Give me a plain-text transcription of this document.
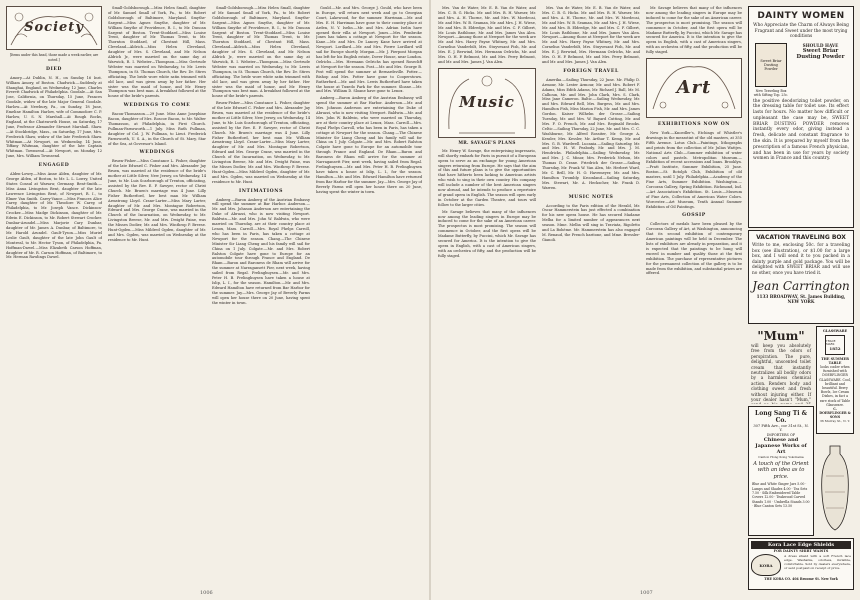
Society

[Items under this head, those made a week earlier, are noted.]

DIED

Amory.—At Dublin, N. H., on Sunday 16 Inst. William Amory, of Boston. Chadwick.—Suddenly at Shanghai, England, on Wednesday, 12 June, Charles Everett Chadwick of Philadelphia. Goodale.—At San Jose, California, on Thursday, 15 June, Frances Goodale, widow of the late Major General Goodale. Harlow.—At Newbury, Pa., on Sunday, 18 June, Emeline Hamilton Harlow, wife of Commodore C. P. Harlow, U. S. N. Marshall.—At Rough Rocks, England, at the Chatsworth House, on Saturday, 17 June, Professor Alexander Stewart Marshall. Shaw.—At Stockbridge, Mass., on Saturday, 17 June, Mrs. Frederick Shaw, widow of the late Frederick Shaw. Whitman.—At Newport, on Wednesday, 14 June, Tiffany Whitman, daughter of the late Captain Whitman. Townsend.—At Newport, on Monday 12 June, Mrs. William Townsend.

ENGAGED

Alden-Lowry.—Miss Anne Alden, daughter of Mr. George Alden, of Boston, to Mr. L. L. Lowry, United States Consul at Warsaw, Germany. Bent-Smith.—Miss Anna Livingston Bent, daughter of the late Lawrence Livingston Bent, of Newport, R. I., to Elmer Van Smith. Carey-Vance.—Miss Frances Alice Carey, daughter of Mr. Theodore W. Carey, of Philadelphia, to Mr. Joseph Vance. Dickinson-Crocker.—Miss Madge Dickinson, daughter of Mr. Edwin E. Dickinson, to Mr. Robert Stewart Crocker. Dunbar-Arundel.—Miss Marjorie Cary Dunbar, daughter of Mr. James A. Dunbar, of Baltimore, to Mr. Harold Arundel. Gault-Tyson.—Miss Muriel Leslie Gault, daughter of the late John Gault of Montreal, to Mr. Hector Tyson, of Philadelphia, Pa. Hoffman-Dawel.—Miss Elizabeth Carson Hoffman, daughter of Mr. R. Carson Hoffman, of Baltimore, to Mr. Herman Rawlings Dawel.

Small-Goldsborough.—Miss Helen Small, daughter of Mr. Samuel Small of York, Pa., to Mr. Robert Goldsborough of Baltimore, Maryland. Smythe-Sargent.—Miss Agnes Smythe, daughter of Mr. William Smythe of Providence, R. I., to Mr. Duncan Sargent of Boston. Trent-Stoddard.—Miss Louise Trent, daughter of Mr. Thomas Trent, to Mr. Thornton Stoddard, of Chestnut Hill, Mass. Cleveland—Aldrich.—Miss Helen Cleveland, daughter of Mrs. S. Cleveland, and Mr. Nelson Aldrich Jr., were married on the same day at Warwick, R. I. Webster—Thompson.—Miss Gertrude Webster was married on Wednesday, to Mr. Lewis Thompson, in St. Thomas Church, the Rev. Dr. Stires officiating. The bride wore white satin trimmed with old lace, and was given away by her father. Her sister was the maid of honor, and Mr. Henry Thompson was best man. A breakfast followed at the house of the bride's parents.

WEDDINGS TO COME

Bacon-Thomasson.—29 June. Miss Anne Josephine Bacon, daughter of Mrs. Roscoe Bacon, to Mr. Walter Thomasson, at Philadelphia, in First Church. Pullman-Farnsworth.—1 July. Miss Ruth Pullman, daughter of Col. J. W. Pullman, to Lieut. Frederick Farnsworth, U. S. A., in the Church of St. Mary, Star of the Sea, at Governor's Island.

WEDDINGS

Bruen-Fisher.—Miss Constance L. Fisher, daughter of the late Edward C. Fisher and Mrs. Alexander Jay Bruen, was married at the residence of the bride's mother at Little Silver, New Jersey, on Wednesday, 14 June, to Mr. Luis Scarborough of Trenton, officiating, assisted by the Rev. E. P. Sawyer, rector of Christ Church. Mr. Bruen's marriage was 4 June. Lilly Fisher Rutherford, her best man Mr. William Armstrong Lloyd. Crane-Larter.—Miss Mary Larter, daughter of Mr. and Mrs. Montague Robertson, Edward and Mrs. George Crane, was married in the Church of the Incarnation, on Wednesday, to Mr. Livingston Breese, Mr. and Mrs. Dwight Paine, was the Misses Dodier, Mr. and Mrs. Winthrop P. Breese. Hunt-Ogden.—Miss Mildred Ogden, daughter of Mr. and Mrs. Ogden, was married on Wednesday at the residence to Mr. Hunt.

Small-Goldsborough.—Miss Helen Small, daughter of Mr. Samuel Small of York, Pa., to Mr. Robert Goldsborough of Baltimore, Maryland. Smythe-Sargent.—Miss Agnes Smythe, daughter of Mr. William Smythe of Providence, R. I., to Mr. Duncan Sargent of Boston. Trent-Stoddard.—Miss Louise Trent, daughter of Mr. Thomas Trent, to Mr. Thornton Stoddard, of Chestnut Hill, Mass. Cleveland—Aldrich.—Miss Helen Cleveland, daughter of Mrs. S. Cleveland, and Mr. Nelson Aldrich Jr., were married on the same day at Warwick, R. I. Webster—Thompson.—Miss Gertrude Webster was married on Wednesday, to Mr. Lewis Thompson, in St. Thomas Church, the Rev. Dr. Stires officiating. The bride wore white satin trimmed with old lace, and was given away by her father. Her sister was the maid of honor, and Mr. Henry Thompson was best man. A breakfast followed at the house of the bride's parents.

Bruen-Fisher.—Miss Constance L. Fisher, daughter of the late Edward C. Fisher and Mrs. Alexander Jay Bruen, was married at the residence of the bride's mother at Little Silver, New Jersey, on Wednesday, 14 June, to Mr. Luis Scarborough of Trenton, officiating, assisted by the Rev. E. P. Sawyer, rector of Christ Church. Mr. Bruen's marriage was 4 June. Lilly Fisher Rutherford, her best man Mr. William Armstrong Lloyd. Crane-Larter.—Miss Mary Larter, daughter of Mr. and Mrs. Montague Robertson, Edward and Mrs. George Crane, was married in the Church of the Incarnation, on Wednesday, to Mr. Livingston Breese, Mr. and Mrs. Dwight Paine, was the Misses Dodier, Mr. and Mrs. Winthrop P. Breese. Hunt-Ogden.—Miss Mildred Ogden, daughter of Mr. and Mrs. Ogden, was married on Wednesday at the residence to Mr. Hunt.

INTIMATIONS

Amberg.—Baron Amberg of the Austrian Embassy will spend the summer at Bar Harbor. Anderson.—Mr. and Mrs. Johnson Anderson are entertaining the Duke of Abruzzi, who is now visiting Newport. Baldwin.—Mr. and Mrs. John W. Baldwin, who were married on Thursday, are at their country place at Lenox, Mass. Carroll.—Mrs. Royal Phelps Carroll, who has been in Paris, has taken a cottage at Newport for the season. Chang.—The Chinese Minister Sir Liang Cheng and his family will sail for China on 1 July. Colgate.—Mr. and Mrs. Robert Ralston Colgate have gone to Europe for an automobile tour through France and England. De Rham.—Baron and Baroness de Rham will arrive for the summer at Narragansett Pier, next week, having sailed from Regal. Frelinghuysen.—Mr. and Mrs. Peter H. B. Frelinghuysen have taken a house at Islip, L. I., for the season. Hamilton.—Mr. and Mrs. Edward Hamilton have returned from Bar Harbor for the summer. Jay.—Mrs. George Jay of Beverly Farms will open her house there on 20 June, having spent the winter in town.

Gould.—Mr. and Mrs. George J. Gould, who have been in Europe, will return next week and go to Georgian Court, Lakewood, for the summer. Harriman.—Mr. and Mrs. E. H. Harriman have gone to their country place at Arden, N. Y. Iselin.—Mr. and Mrs. Adrian Iselin have opened their villa at Newport. Jones.—Mrs. Pembroke Jones has taken a cottage at Newport for the season. Kane.—Mr. and Mrs. De Lancey Kane have arrived at Newport. Lorillard.—Mr. and Mrs. Pierre Lorillard will sail for Europe shortly. Morgan.—Mr. J. Pierpont Morgan has left for his English estate, Dover House, near London. Oelrichs.—Mrs. Hermann Oelrichs has opened Rosecliff at Newport for the season. Post.—Mr. and Mrs. George B. Post will spend the summer at Bernardsville. Potter.—Bishop and Mrs. Potter have gone to Cooperstown. Rutherfurd.—Mr. and Mrs. Lewis Rutherfurd have taken the house at Tuxedo Park for the summer. Sloane.—Mr. and Mrs. William D. Sloane have gone to Lenox.

Amberg.—Baron Amberg of the Austrian Embassy will spend the summer at Bar Harbor. Anderson.—Mr. and Mrs. Johnson Anderson are entertaining the Duke of Abruzzi, who is now visiting Newport. Baldwin.—Mr. and Mrs. John W. Baldwin, who were married on Thursday, are at their country place at Lenox, Mass. Carroll.—Mrs. Royal Phelps Carroll, who has been in Paris, has taken a cottage at Newport for the season. Chang.—The Chinese Minister Sir Liang Cheng and his family will sail for China on 1 July. Colgate.—Mr. and Mrs. Robert Ralston Colgate have gone to Europe for an automobile tour through France and England. De Rham.—Baron and Baroness de Rham will arrive for the summer at Narragansett Pier, next week, having sailed from Regal. Frelinghuysen.—Mr. and Mrs. Peter H. B. Frelinghuysen have taken a house at Islip, L. I., for the season. Hamilton.—Mr. and Mrs. Edward Hamilton have returned from Bar Harbor for the summer. Jay.—Mrs. George Jay of Beverly Farms will open her house there on 20 June, having spent the winter in town.

1006

Mrs. Van de Water, Mr. E. B. Van de Water, and Mrs. C. B. G. Hicks. Mr. and Mrs. B. H. Warner, Mr. and Mrs. A. H. Thorne, Mr. and Mrs. W. Mordecai, Mr. and Mrs. W. B. Seaman, Mr. and Mrs. J. H. Wiese, Mr. and Mrs. B. Eldredge, Mr. and Mrs. C. F. Gilbert, Mr. Louis Rathbone, Mr. and Mrs. James Van Alen. Newport.—Among those at Newport for the week are Mr. and Mrs. Harry Payne Whitney, Mr. and Mrs. Cornelius Vanderbilt, Mrs. Stuyvesant Fish, Mr. and Mrs. E. J. Berwind, Mrs. Hermann Oelrichs, Mr. and Mrs. O. H. P. Belmont, Mr. and Mrs. Perry Belmont, and Mr. and Mrs. James J. Van Alen.

Music
MR. SAVAGE'S PLANS

Mr. Henry W. Savage, the enterprising impresario, will shortly embark for Paris in pursuit of a European opera to serve as an exchange for young American singers returning from Europe. He says that the aim of this and future plans is to give the opportunities that have hitherto been lacking to American artists who wish to sing in their own country. His company will include a number of the best American singers now abroad, and he intends to produce a repertoire of grand opera in English. The season will open early in October at the Garden Theatre, and tours will follow to the larger cities.

Mr. Savage believes that many of the influences now among the leading singers in Europe may be induced to come for the sake of an American career. The prospectus is most promising. The season will commence in October, and the first opera will be Madame Butterfly, by Puccini, which Mr. Savage has secured for America. It is the intention to give the opera in English, with a cast of American singers, with an orchestra of fifty, and the production will be fully staged.

Mrs. Van de Water, Mr. E. B. Van de Water, and Mrs. C. B. G. Hicks. Mr. and Mrs. B. H. Warner, Mr. and Mrs. A. H. Thorne, Mr. and Mrs. W. Mordecai, Mr. and Mrs. W. B. Seaman, Mr. and Mrs. J. H. Wiese, Mr. and Mrs. B. Eldredge, Mr. and Mrs. C. F. Gilbert, Mr. Louis Rathbone, Mr. and Mrs. James Van Alen. Newport.—Among those at Newport for the week are Mr. and Mrs. Harry Payne Whitney, Mr. and Mrs. Cornelius Vanderbilt, Mrs. Stuyvesant Fish, Mr. and Mrs. E. J. Berwind, Mrs. Hermann Oelrichs, Mr. and Mrs. O. H. P. Belmont, Mr. and Mrs. Perry Belmont, and Mr. and Mrs. James J. Van Alen.

FOREIGN TRAVEL

Amerika.—Sailing Thursday, 22 June. Mr. Philip D. Armour, Mr. Lester Armour, Mr. and Mrs. Robert F. Adams, Miss Edith Adams, Mr. Richard J. Ball, Mr. M. Calhoun, Mr. and Mrs. John Clark, Mrs. S. Clark, Miss Jane Cameron. Baltic.—Sailing Wednesday, Mr. and Mrs. Edward Bell, Mrs. Burgess, Mr. and Mrs. Hamilton Fish, Miss Marion Fish, Mr. and Mrs. James Gordon. Kaiser Wilhelm der Grosse.—Sailing Tuesday, Mr. and Mrs. W. Bayard Cutting, Mr. and Mrs. F. O. French, Mr. and Mrs. Reginald Brooks. Celtic.—Sailing Thursday, 22 June, Mr. and Mrs. C. C. Washburne, Mr. Alfred Rossiter, Mr. George A. Kessler, Mrs. Kessler, Mr. Arthur T. Kemp, Mr. and Mrs. G. B. Wardwell. Lucania.—Sailing Saturday, Mr. and Mrs. H. W. Peabody, Mr. and Mrs. J. M. Hendricks. Philadelphia.—Sailing Wednesday, Mr. and Mrs. J. C. Minor, Mrs. Frederick Nelson, Mr. Thomas D. Crane. Friedrich der Grosse.—Sailing Thursday, Mr. Frank W. Van Alen, Mr. Herbert Ward, Mr. C. Brill, Mr. H. O. Havemeyer, Mr. and Mrs. Hamilton Twombly. Kroonland.—Sailing Saturday, Mrs. Stewart, Mr. A. Heckscher, Mr. Frank D. Warren.

MUSIC NOTES

According to the Paris edition of the Herald, Mr. Oscar Hammerstein has just effected a combination for his new opera house. He has secured Madame Melba for a limited number of appearances next season. Mme. Melba will sing in Traviata, Rigoletto and La Bohème. Mr. Hammerstein has also engaged M. Renaud, the French baritone, and Mme. Bressler-Gianoli.

Mr. Savage believes that many of the influences now among the leading singers in Europe may be induced to come for the sake of an American career. The prospectus is most promising. The season will commence in October, and the first opera will be Madame Butterfly, by Puccini, which Mr. Savage has secured for America. It is the intention to give the opera in English, with a cast of American singers, with an orchestra of fifty, and the production will be fully staged.

Art
EXHIBITIONS NOW ON

New York.—Knoedler's, Etchings of Whistler's drawings in the mezzotint of the old masters, at 355 Fifth Avenue. Lotus Club.—Paintings, lithographs and prints from the collection of Mr. Julius Wattjes. National Arts Club.—Summer exhibition of water colors and pastels. Metropolitan Museum.—Exhibition of recent accessions and loans. Brooklyn.—Pratt Institute, Summer Exhibition, 25 June. Boston.—St. Botolph Club, Exhibition of old masters, until 1 July. Philadelphia.—Academy of the Fine Arts, Summer Exhibition. Washington.—Corcoran Gallery, Spring Exhibition. Richmond, Ind.—Art Association's Exhibition. St. Louis.—Museum of Fine Arts, Collection of American Water Colors. Worcester.—Art Museum, Tenth Annual Summer Exhibition of Oil Paintings.

GOSSIP

Collectors of medals have been pleased by the Corcoran Gallery of Art, at Washington, announcing that its second exhibition of contemporary American paintings will be held in December. The lists of exhibitors are already in preparation, and it is expected that the paintings to be hung will exceed in number and quality those at the first exhibition. The purchase of representative pictures for the permanent collection of the gallery is to be made from the exhibition, and substantial prizes are offered.

DAINTY WOMEN
Who Appreciate the Charm of Always Being Fragrant and Sweet under the most trying conditions
Sweet Briar Dusting Powder
New Traveling Box with Sifting Top. 25c.
SHOULD HAVE
Sweet Briar Dusting Powder
the positive deodorizing toilet powder, on the dressing table for toilet use. Its effect lasts for hours. No matter how difficult or unpleasant the case may be, SWEET BRIAR DUSTING POWDER removes instantly every odor, giving instead a fresh, delicate and constant fragrance to the skin. It is prepared by myself from the prescription of a famous French physician, and has been in use for years by society women in France and this country.
VACATION TRAVELING BOX
Write to me, enclosing 50c. for a traveling box (see illustration), or $1.00 for a large box, and I will send it to you packed in a dainty purple and gold package. You will be delighted with SWEET BRIAR and will use no other, once you have tried it.
Jean Carrington
1133 BROADWAY, St. James Building, NEW YORK
"Mum"
will keep you absolutely free from the odors of perspiration. The pure, delightful, unscented toilet cream that instantly neutralizes all bodily odors by a harmless chemical action. Renders body and clothing sweet and fresh without injuring either. If your dealer hasn't "Mum,"
GLASSWARE
TRADE MARK
1852
THE SUMMER TABLE
looks cooler when furnished with DOERFLINGER GLASSWARE. Cool, brilliant and beautiful. Berry Bowls, Ice Cream Dishes, in fact a rare stock of Table Glassware.
C. DOERFLINGER & SONS
36 Murray St., N. Y.
Long Sang Ti & Co.
307 Fifth Ave., cor 31st St., N. Y.
IMPORTERS OF
Chinese and Japanese Works of Art
Canton Hong Kong Yokohama
A touch of the Orient with an idea as to price.
Blue and White Ginger Jars 5.00 · Lamps and Shades 4.00 · Tea Sets 7.50 · Silk Embroidered Table Covers 12.00 · Teakwood Carved Stands 1.00 · Umbrella Stands 3.00 · Blue Canton Sets 13.50
Kora Lace Edge Shields
FOR DAINTY SHIRT WAISTS
KORA
A dress shield with a soft French lace edge. Washable, odorless, invisible, comfortable. Sold by dealers everywhere, or sent postpaid on receipt of price.
THE KORA CO. 404 Broome St. New York
1007
